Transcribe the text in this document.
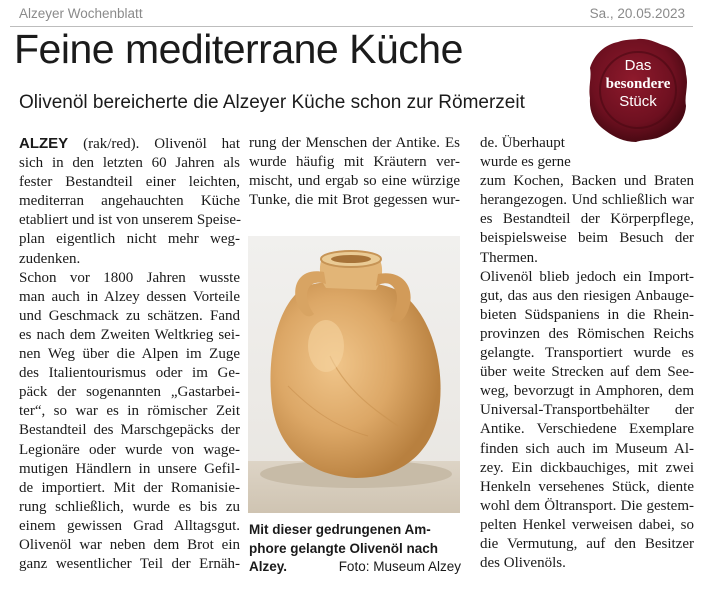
Alzeyer Wochenblatt	Sa., 20.05.2023
Feine mediterrane Küche
Olivenöl bereicherte die Alzeyer Küche schon zur Römerzeit
Das
besondere
Stück
ALZEY (rak/red). Olivenöl hat
sich in den letzten 60 Jahren als
fester Bestandteil einer leichten,
mediterran angehauchten Küche
etabliert und ist von unserem Speise-
plan eigentlich nicht mehr weg-
zudenken.
Schon vor 1800 Jahren wusste
man auch in Alzey dessen Vorteile
und Geschmack zu schätzen. Fand
es nach dem Zweiten Weltkrieg sei-
nen Weg über die Alpen im Zuge
des Italientourismus oder im Ge-
päck der sogenannten „Gastarbei-
ter“, so war es in römischer Zeit
Bestandteil des Marschgepäcks der
Legionäre oder wurde von wage-
mutigen Händlern in unsere Gefil-
de importiert. Mit der Romanisie-
rung schließlich, wurde es bis zu
einem gewissen Grad Alltagsgut.
Olivenöl war neben dem Brot ein
ganz wesentlicher Teil der Ernäh-
rung der Menschen der Antike. Es
wurde häufig mit Kräutern ver-
mischt, und ergab so eine würzige
Tunke, die mit Brot gegessen wur-
Mit dieser gedrungenen Am-
phore gelangte Olivenöl nach
Alzey.	Foto: Museum Alzey
de. Überhaupt
wurde es gerne
zum Kochen, Backen und Braten
herangezogen. Und schließlich war
es Bestandteil der Körperpflege,
beispielsweise beim Besuch der
Thermen.
Olivenöl blieb jedoch ein Import-
gut, das aus den riesigen Anbauge-
bieten Südspaniens in die Rhein-
provinzen des Römischen Reichs
gelangte. Transportiert wurde es
über weite Strecken auf dem See-
weg, bevorzugt in Amphoren, dem
Universal-Transportbehälter der
Antike. Verschiedene Exemplare
finden sich auch im Museum Al-
zey. Ein dickbauchiges, mit zwei
Henkeln versehenes Stück, diente
wohl dem Öltransport. Die gestem-
pelten Henkel verweisen dabei, so
die Vermutung, auf den Besitzer
des Olivenöls.
